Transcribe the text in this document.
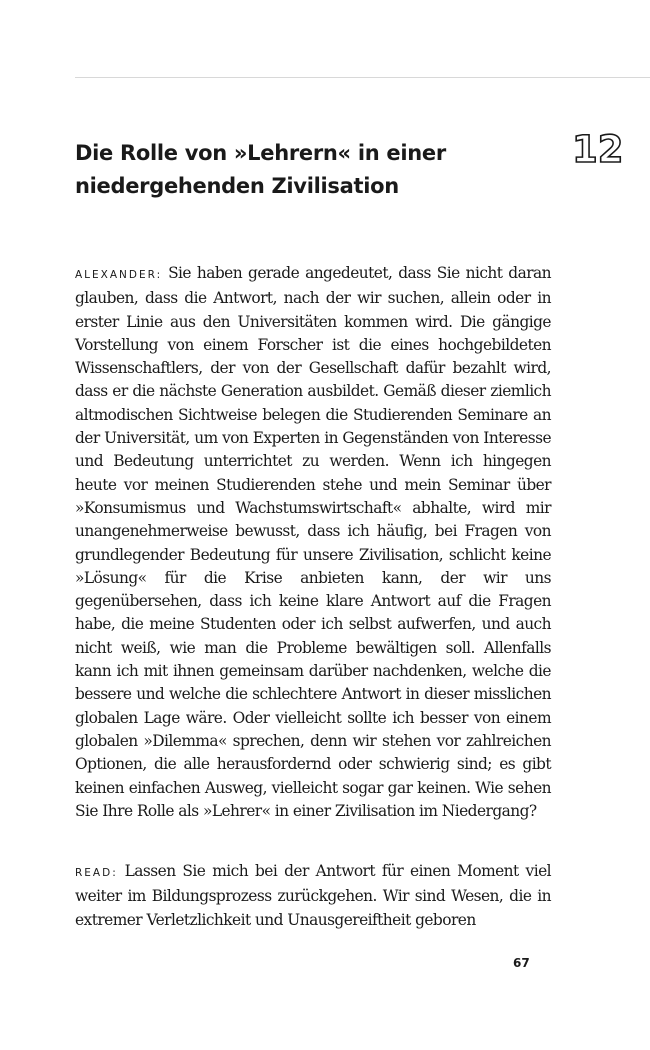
Die Rolle von »Lehrern« in einer niedergehenden Zivilisation
12

ALEXANDER: Sie haben gerade angedeutet, dass Sie nicht daran glauben, dass die Antwort, nach der wir suchen, allein oder in erster Linie aus den Universitäten kommen wird. Die gängige Vorstellung von einem Forscher ist die eines hochgebildeten Wissenschaftlers, der von der Gesellschaft dafür bezahlt wird, dass er die nächste Generation ausbildet. Gemäß dieser ziemlich altmodischen Sichtweise belegen die Studierenden Seminare an der Universität, um von Experten in Gegenständen von Interesse und Bedeutung unterrichtet zu werden. Wenn ich hingegen heute vor meinen Studierenden stehe und mein Seminar über »Konsumismus und Wachstumswirtschaft« abhalte, wird mir unangenehmerweise bewusst, dass ich häufig, bei Fragen von grundlegender Bedeutung für unsere Zivilisation, schlicht keine »Lösung« für die Krise anbieten kann, der wir uns gegenübersehen, dass ich keine klare Antwort auf die Fragen habe, die meine Studenten oder ich selbst aufwerfen, und auch nicht weiß, wie man die Probleme bewältigen soll. Allenfalls kann ich mit ihnen gemeinsam darüber nachdenken, welche die bessere und welche die schlechtere Antwort in dieser misslichen globalen Lage wäre. Oder vielleicht sollte ich besser von einem globalen »Dilemma« sprechen, denn wir stehen vor zahlreichen Optionen, die alle herausfordernd oder schwierig sind; es gibt keinen einfachen Ausweg, vielleicht sogar gar keinen. Wie sehen Sie Ihre Rolle als »Lehrer« in einer Zivilisation im Niedergang?

READ: Lassen Sie mich bei der Antwort für einen Moment viel weiter im Bildungsprozess zurückgehen. Wir sind Wesen, die in extremer Verletzlichkeit und Unausgereiftheit geboren

67
